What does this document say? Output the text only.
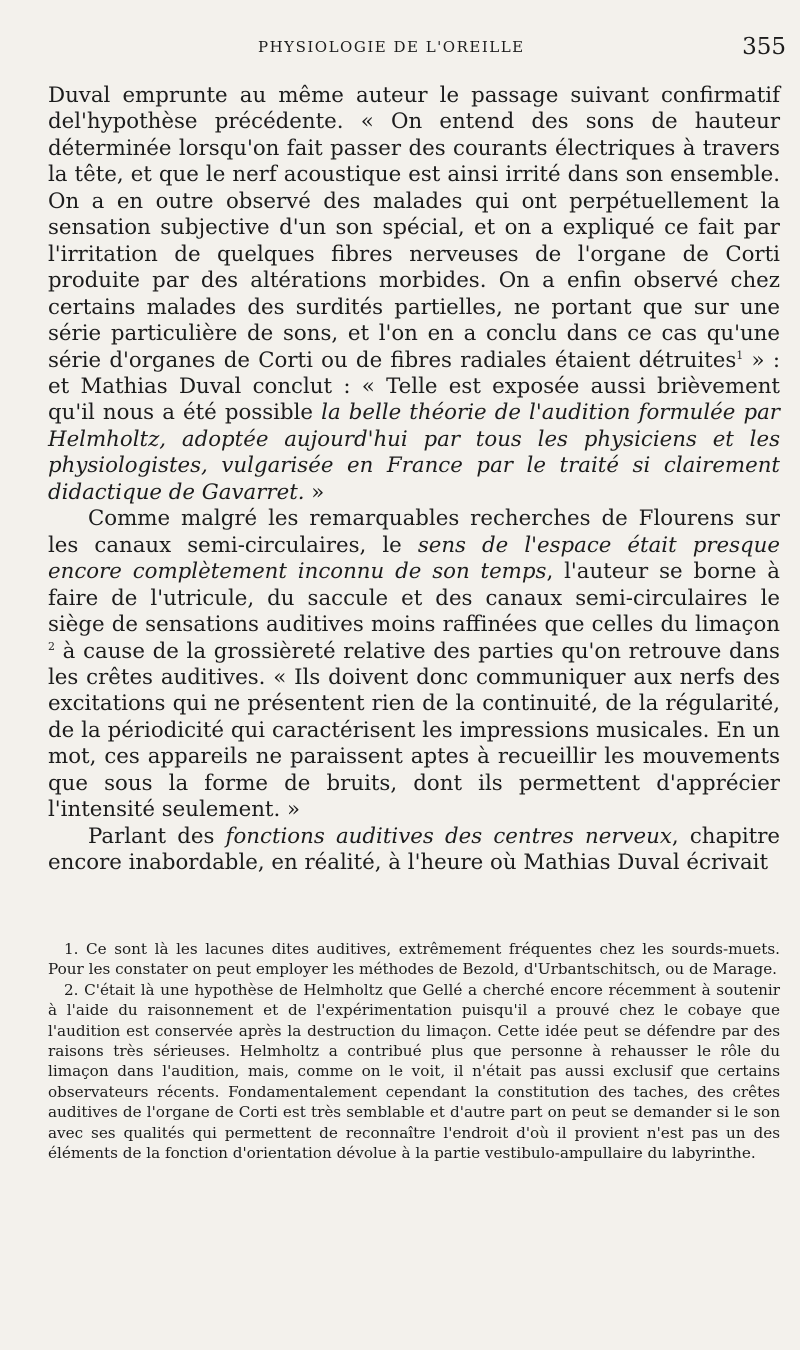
PHYSIOLOGIE DE L'OREILLE	355

Duval emprunte au même auteur le passage suivant confirmatif del'hypothèse précédente. « On entend des sons de hauteur déterminée lorsqu'on fait passer des courants électriques à travers la tête, et que le nerf acoustique est ainsi irrité dans son ensemble. On a en outre observé des malades qui ont perpétuellement la sensation subjective d'un son spécial, et on a expliqué ce fait par l'irritation de quelques fibres nerveuses de l'organe de Corti produite par des altérations morbides. On a enfin observé chez certains malades des surdités partielles, ne portant que sur une série particulière de sons, et l'on en a conclu dans ce cas qu'une série d'organes de Corti ou de fibres radiales étaient détruites$^1$ » : et Mathias Duval conclut : « Telle est exposée aussi brièvement qu'il nous a été possible la belle théorie de l'audition formulée par Helmholtz, adoptée aujourd'hui par tous les physiciens et les physiologistes, vulgarisée en France par le traité si clairement didactique de Gavarret. »

Comme malgré les remarquables recherches de Flourens sur les canaux semi-circulaires, le sens de l'espace était presque encore complètement inconnu de son temps, l'auteur se borne à faire de l'utricule, du saccule et des canaux semi-circulaires le siège de sensations auditives moins raffinées que celles du limaçon $^2$ à cause de la grossièreté relative des parties qu'on retrouve dans les crêtes auditives. « Ils doivent donc communiquer aux nerfs des excitations qui ne présentent rien de la continuité, de la régularité, de la périodicité qui caractérisent les impressions musicales. En un mot, ces appareils ne paraissent aptes à recueillir les mouvements que sous la forme de bruits, dont ils permettent d'apprécier l'intensité seulement. »

Parlant des fonctions auditives des centres nerveux, chapitre encore inabordable, en réalité, à l'heure où Mathias Duval écrivait

1. Ce sont là les lacunes dites auditives, extrêmement fréquentes chez les sourds-muets. Pour les constater on peut employer les méthodes de Bezold, d'Urbantschitsch, ou de Marage.

2. C'était là une hypothèse de Helmholtz que Gellé a cherché encore récemment à soutenir à l'aide du raisonnement et de l'expérimentation puisqu'il a prouvé chez le cobaye que l'audition est conservée après la destruction du limaçon. Cette idée peut se défendre par des raisons très sérieuses. Helmholtz a contribué plus que personne à rehausser le rôle du limaçon dans l'audition, mais, comme on le voit, il n'était pas aussi exclusif que certains observateurs récents. Fondamentalement cependant la constitution des taches, des crêtes auditives de l'organe de Corti est très semblable et d'autre part on peut se demander si le son avec ses qualités qui permettent de reconnaître l'endroit d'où il provient n'est pas un des éléments de la fonction d'orientation dévolue à la partie vestibulo-ampullaire du labyrinthe.
